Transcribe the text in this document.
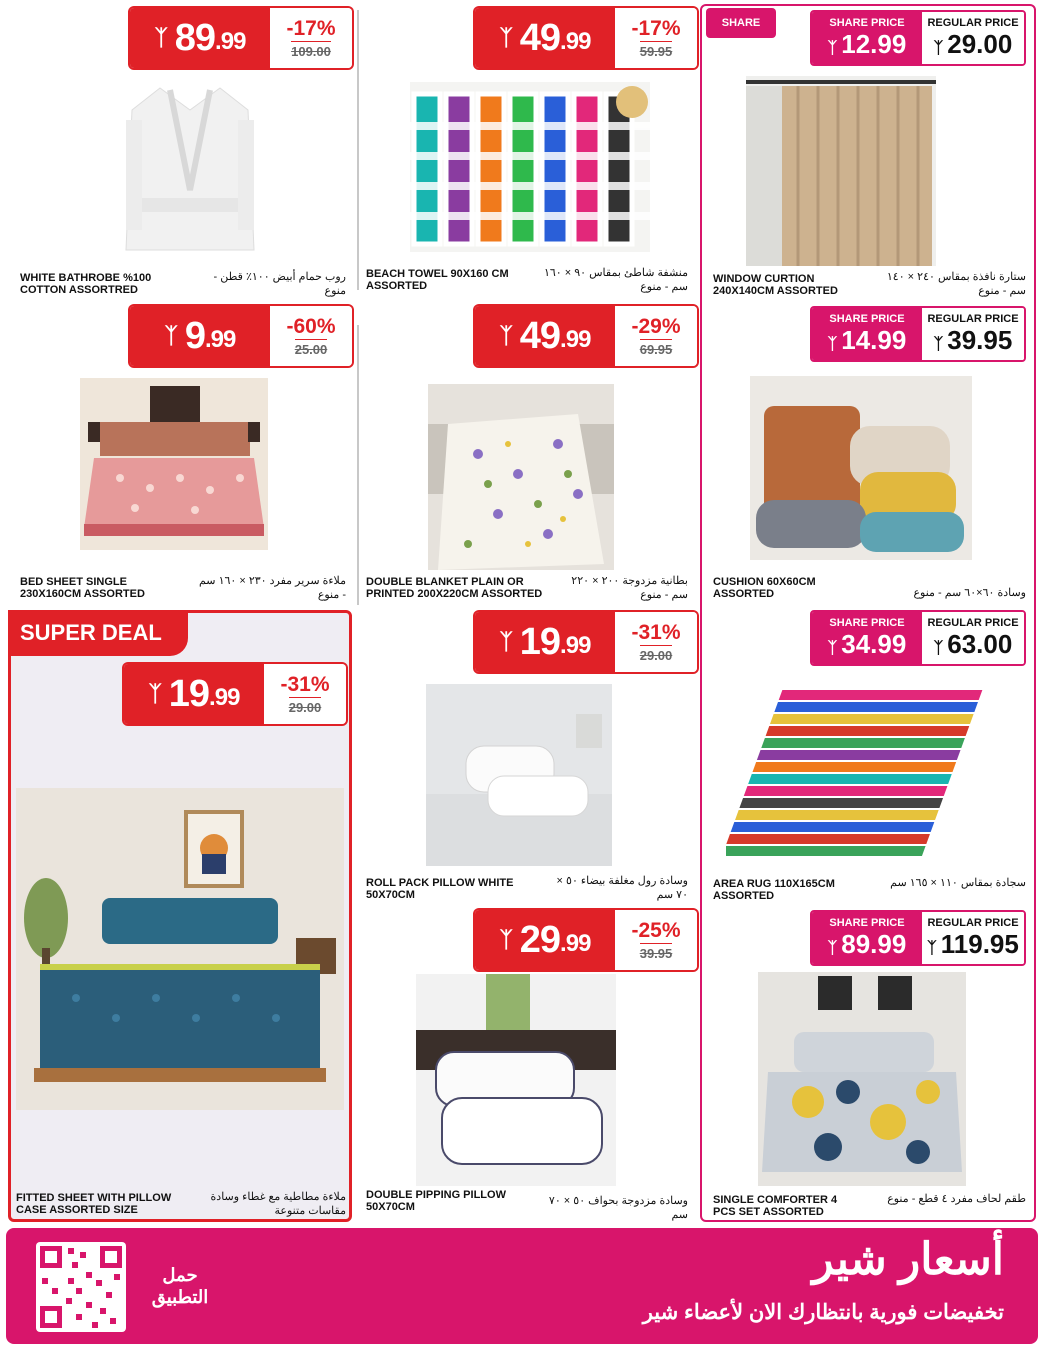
SHARE
ᛉ 89 .99 -17%
109.00
WHITE BATHROBE %100 COTTON ASSORTRED
روب حمام أبيض ١٠٠٪ قطن - منوع
ᛉ 49 .99 -17%
59.95
BEACH TOWEL 90X160 CM ASSORTED
منشفة شاطئ بمقاس ٩٠ × ١٦٠ سم - منوع
SHARE PRICE
ᛉ 12.99
REGULAR PRICE
ᛉ 29.00
WINDOW CURTION 240X140CM ASSORTED
ستارة نافذة بمقاس ٢٤٠ × ١٤٠ سم - منوع
ᛉ 9 .99 -60%
25.00
BED SHEET SINGLE 230X160CM ASSORTED
ملاءة سرير مفرد ٢٣٠ × ١٦٠ سم - منوع
ᛉ 49 .99 -29%
69.95
DOUBLE BLANKET PLAIN OR PRINTED 200X220CM ASSORTED
بطانية مزدوجة ٢٠٠ × ٢٢٠ سم - منوع
SHARE PRICE
ᛉ 14.99
REGULAR PRICE
ᛉ 39.95
CUSHION 60X60CM ASSORTED	وسادة ٦٠×٦٠ سم - منوع
SUPER DEAL
ᛉ 19 .99 -31%
29.00
FITTED SHEET WITH PILLOW CASE ASSORTED SIZE
ملاءة مطاطية مع غطاء وسادة مقاسات متنوعة
ᛉ 19 .99 -31%
29.00
ROLL PACK PILLOW WHITE 50X70CM
وسادة رول مغلفة بيضاء ٥٠ × ٧٠ سم
SHARE PRICE
ᛉ 34.99
REGULAR PRICE
ᛉ 63.00
AREA RUG 110X165CM ASSORTED
سجادة بمقاس ١١٠ × ١٦٥ سم
ᛉ 29 .99 -25%
39.95
DOUBLE PIPPING PILLOW 50X70CM	وسادة مزدوجة بحواف ٥٠ × ٧٠ سم
SHARE PRICE
ᛉ 89.99
REGULAR PRICE
ᛉ 119.95
SINGLE COMFORTER 4 PCS SET ASSORTED
طقم لحاف مفرد ٤ قطع - منوع
حمل التطبيق
أسعار شير
تخفيضات فورية بانتظارك الان لأعضاء شير
